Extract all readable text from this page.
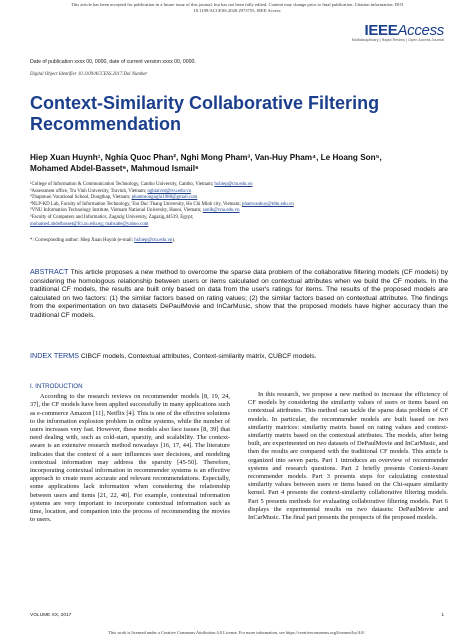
This article has been accepted for publication in a future issue of this journal, but has not been fully edited. Content may change prior to final publication. Citation information: DOI
10.1109/ACCESS.2020.2973755, IEEE Access
IEEEAccess
Multidisciplinary | Rapid Review | Open Access Journal
Date of publication xxxx 00, 0000, date of current version xxxx 00, 0000.
Digital Object Identifier 10.1109/ACCESS.2017.Doi Number
Context-Similarity Collaborative Filtering Recommendation
Hiep Xuan Huynh¹, Nghia Quoc Phan², Nghi Mong Pham³, Van-Huy Pham⁴, Le Hoang Son⁵,
Mohamed Abdel-Basset⁶, Mahmoud Ismail⁶
¹College of Information & Communication Technology, Cantho University, Cantho, Vietnam; hxhiep@ctu.edu.vn
²Assessment office, Tra Vinh University, Travinh, Vietnam; nghiatvnt@tvu.edu.vn
³Thapmuoi Vocational School, Dongthap, Vietnam; phammongnghi1988@gmail.com
⁴NLP-KD Lab, Faculty of Information Technology, Ton Duc Thang University, Ho Chi Minh city, Vietnam; phamvanhuy@tdtu.edu.vn
⁵VNU Information Technology Institute, Vietnam National University, Hanoi, Vietnam; sonlh@vnu.edu.vn
⁶Faculty of Computers and Informatics, Zagazig University, Zagazig,44519, Egypt;
mohamed.abdelbasset@fci.zu.edu.eg; mahsabe@yahoo.com
*: Corresponding author: Hiep Xuan Huynh (e-mail: hxhiep@ctu.edu.vn).
ABSTRACT This article proposes a new method to overcome the sparse data problem of the collaborative filtering models (CF models) by considering the homologous relationship between users or items calculated on contextual attributes when we build the CF models. In the traditional CF models, the results are built only based on data from the user's ratings for items. The results of the proposed models are calculated on two factors: (1) the similar factors based on rating values; (2) the similar factors based on contextual attributes. The findings from the experimentation on two datasets DePaulMovie and InCarMusic, show that the proposed models have higher accuracy than the traditional CF models.
INDEX TERMS CIBCF models, Contextual attributes, Context-similarity matrix, CUBCF models.
I. INTRODUCTION

According to the research reviews on recommender models [8, 19, 24, 37], the CF models have been applied successfully in many applications such as e-commerce Amazon [11], Netflix [4]. This is one of the effective solutions to the information explosion problem in online systems, while the number of users increases very fast. However, these models also face issues [8, 39] that need dealing with, such as cold-start, sparsity, and scalability. The context-aware is an extensive research method nowadays [16, 17, 44]. The literature indicates that the context of a user influences user decisions, and modeling contextual information may address the sparsity [45-50]. Therefore, incorporating contextual information in recommender systems is an effective approach to create more accurate and relevant recommendations. Especially, some applications lack information when considering the relationship between users and items [21, 22, 40]. For example, contextual information systems are very important to incorporate contextual information such as time, location, and companion into the process of recommending the movies to users.

In this research, we propose a new method to increase the efficiency of CF models by considering the similarity values of users or items based on contextual attributes. This method can tackle the sparse data problem of CF models. In particular, the recommender models are built based on two similarity matrices: similarity matrix based on rating values and context-similarity matrix based on the contextual attributes. The models, after being built, are experimented on two datasets of DePaulMovie and InCarMusic, and then the results are compared with the traditional CF models. This article is organized into seven parts. Part 1 introduces an overview of recommender systems and research questions. Part 2 briefly presents Context-Aware recommender models. Part 3 presents steps for calculating contextual similarity values between users or items based on the Chi-square similarity kernel. Part 4 presents the context-similarity collaborative filtering models. Part 5 presents methods for evaluating collaborative filtering models. Part 6 displays the experimental results on two datasets: DePaulMovie and InCarMusic. The final part presents the prospects of the proposed models.

VOLUME XX, 2017	1
This work is licensed under a Creative Commons Attribution 4.0 License. For more information, see https://creativecommons.org/licenses/by/4.0/.
